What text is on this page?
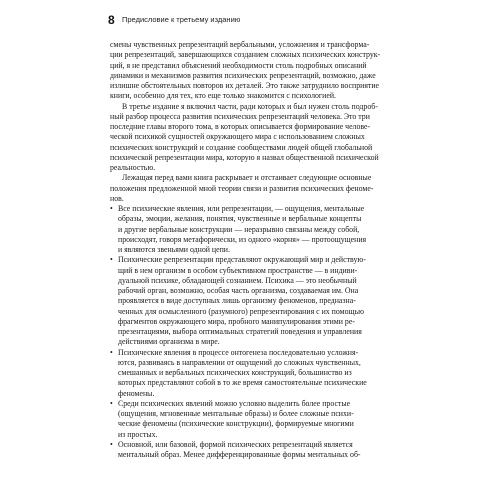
8 Предисловие к третьему изданию
смены чувственных репрезентаций вербальными, усложнения и трансформа-
ции репрезентаций, завершающихся созданием сложных психических конструк-
ций, я не представил объяснений необходимости столь подробных описаний
динамики и механизмов развития психических репрезентаций, возможно, даже
излишне обстоятельных повторов их деталей. Это также затруднило восприятие
книги, особенно для тех, кто еще только знакомится с психологией.
В третье издание я включил части, ради которых и был нужен столь подроб-
ный разбор процесса развития психических репрезентаций человека. Это три
последние главы второго тома, в которых описывается формирование челове-
ческой психикой сущностей окружающего мира с использованием сложных
психических конструкций и создание сообществами людей общей глобальной
психической репрезентации мира, которую я назвал общественной психической
реальностью.
Лежащая перед вами книга раскрывает и отстаивает следующие основные
положения предложенной мной теории связи и развития психических феноме-
нов.
• Все психические явления, или репрезентации, — ощущения, ментальные
образы, эмоции, желания, понятия, чувственные и вербальные концепты
и другие вербальные конструкции — неразрывно связаны между собой,
происходят, говоря метафорически, из одного «корня» — протоощущения
и являются звеньями одной цепи.
• Психические репрезентации представляют окружающий мир и действую-
щий в нем организм в особом субъективном пространстве — в индиви-
дуальной психике, обладающей сознанием. Психика — это необычный
рабочий орган, возможно, особая часть организма, создаваемая им. Она
проявляется в виде доступных лишь организму феноменов, предназна-
ченных для осмысленного (разумного) репрезентирования с их помощью
фрагментов окружающего мира, пробного манипулирования этими ре-
презентациями, выбора оптимальных стратегий поведения и управления
действиями организма в мире.
• Психические явления в процессе онтогенеза последовательно усложня-
ются, развиваясь в направлении от ощущений до сложных чувственных,
смешанных и вербальных психических конструкций, большинство из
которых представляют собой в то же время самостоятельные психические
феномены.
• Среди психических явлений можно условно выделить более простые
(ощущения, мгновенные ментальные образы) и более сложные психи-
ческие феномены (психические конструкции), формируемые многими
из простых.
• Основной, или базовой, формой психических репрезентаций является
ментальный образ. Менее дифференцированные формы ментальных об-
